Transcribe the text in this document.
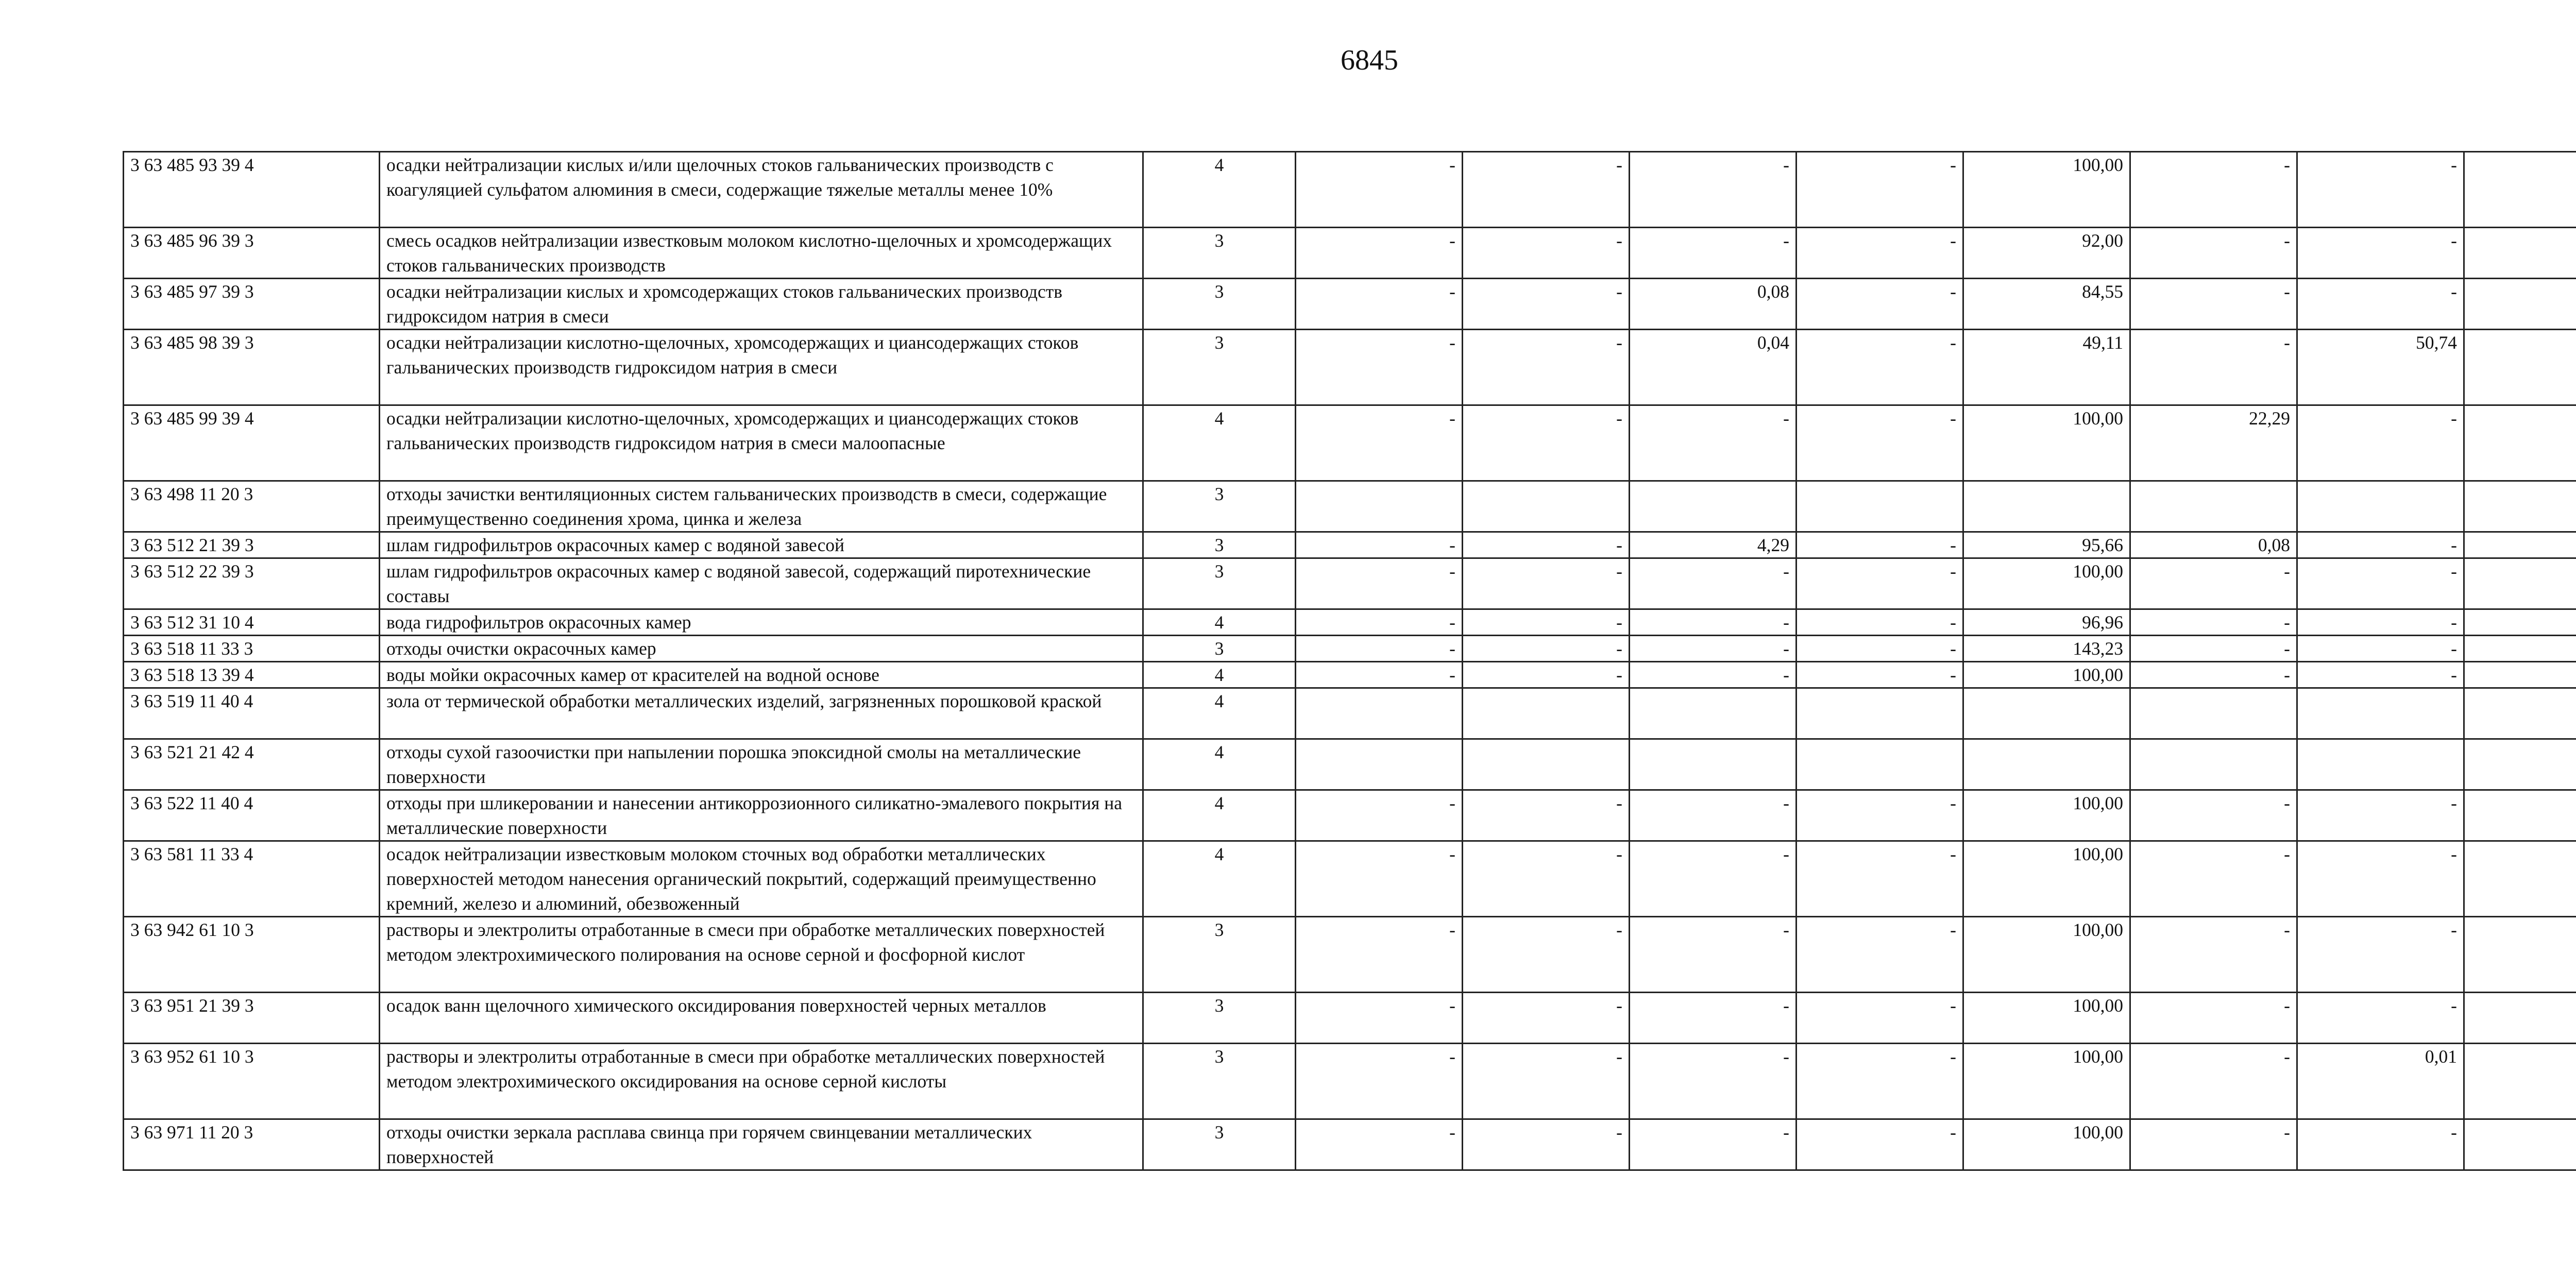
6845
3 63 485 93 39 4	осадки нейтрализации кислых и/или щелочных стоков гальванических производств с коагуляцией сульфатом алюминия в смеси, содержащие тяжелые металлы менее 10%	4	-	-	-	-	100,00	-	-	
3 63 485 96 39 3	смесь осадков нейтрализации известковым молоком кислотно-щелочных и хромсодержащих стоков гальванических производств	3	-	-	-	-	92,00	-	-	
3 63 485 97 39 3	осадки нейтрализации кислых и хромсодержащих стоков гальванических производств гидроксидом натрия в смеси	3	-	-	0,08	-	84,55	-	-	
3 63 485 98 39 3	осадки нейтрализации кислотно-щелочных, хромсодержащих и циансодержащих стоков гальванических производств гидроксидом натрия в смеси	3	-	-	0,04	-	49,11	-	50,74	
3 63 485 99 39 4	осадки нейтрализации кислотно-щелочных, хромсодержащих и циансодержащих стоков гальванических производств гидроксидом натрия в смеси малоопасные	4	-	-	-	-	100,00	22,29	-	
3 63 498 11 20 3	отходы зачистки вентиляционных систем гальванических производств в смеси, содержащие преимущественно соединения хрома, цинка и железа	3								
3 63 512 21 39 3	шлам гидрофильтров окрасочных камер с водяной завесой	3	-	-	4,29	-	95,66	0,08	-	
3 63 512 22 39 3	шлам гидрофильтров окрасочных камер с водяной завесой, содержащий пиротехнические составы	3	-	-	-	-	100,00	-	-	
3 63 512 31 10 4	вода гидрофильтров окрасочных камер	4	-	-	-	-	96,96	-	-	
3 63 518 11 33 3	отходы очистки окрасочных камер	3	-	-	-	-	143,23	-	-	
3 63 518 13 39 4	воды мойки окрасочных камер от красителей на водной основе	4	-	-	-	-	100,00	-	-	
3 63 519 11 40 4	зола от термической обработки металлических изделий, загрязненных порошковой краской	4								
3 63 521 21 42 4	отходы сухой газоочистки при напылении порошка эпоксидной смолы на металлические поверхности	4								
3 63 522 11 40 4	отходы при шликеровании и нанесении антикоррозионного силикатно-эмалевого покрытия на металлические поверхности	4	-	-	-	-	100,00	-	-	
3 63 581 11 33 4	осадок нейтрализации известковым молоком сточных вод обработки металлических поверхностей методом нанесения органический покрытий, содержащий преимущественно кремний, железо и алюминий, обезвоженный	4	-	-	-	-	100,00	-	-	
3 63 942 61 10 3	растворы и электролиты отработанные в смеси при обработке металлических поверхностей методом электрохимического полирования на основе серной и фосфорной кислот	3	-	-	-	-	100,00	-	-	
3 63 951 21 39 3	осадок ванн щелочного химического оксидирования поверхностей черных металлов	3	-	-	-	-	100,00	-	-	
3 63 952 61 10 3	растворы и электролиты отработанные в смеси при обработке металлических поверхностей методом электрохимического оксидирования на основе серной кислоты	3	-	-	-	-	100,00	-	0,01	
3 63 971 11 20 3	отходы очистки зеркала расплава свинца при горячем свинцевании металлических поверхностей	3	-	-	-	-	100,00	-	-	
